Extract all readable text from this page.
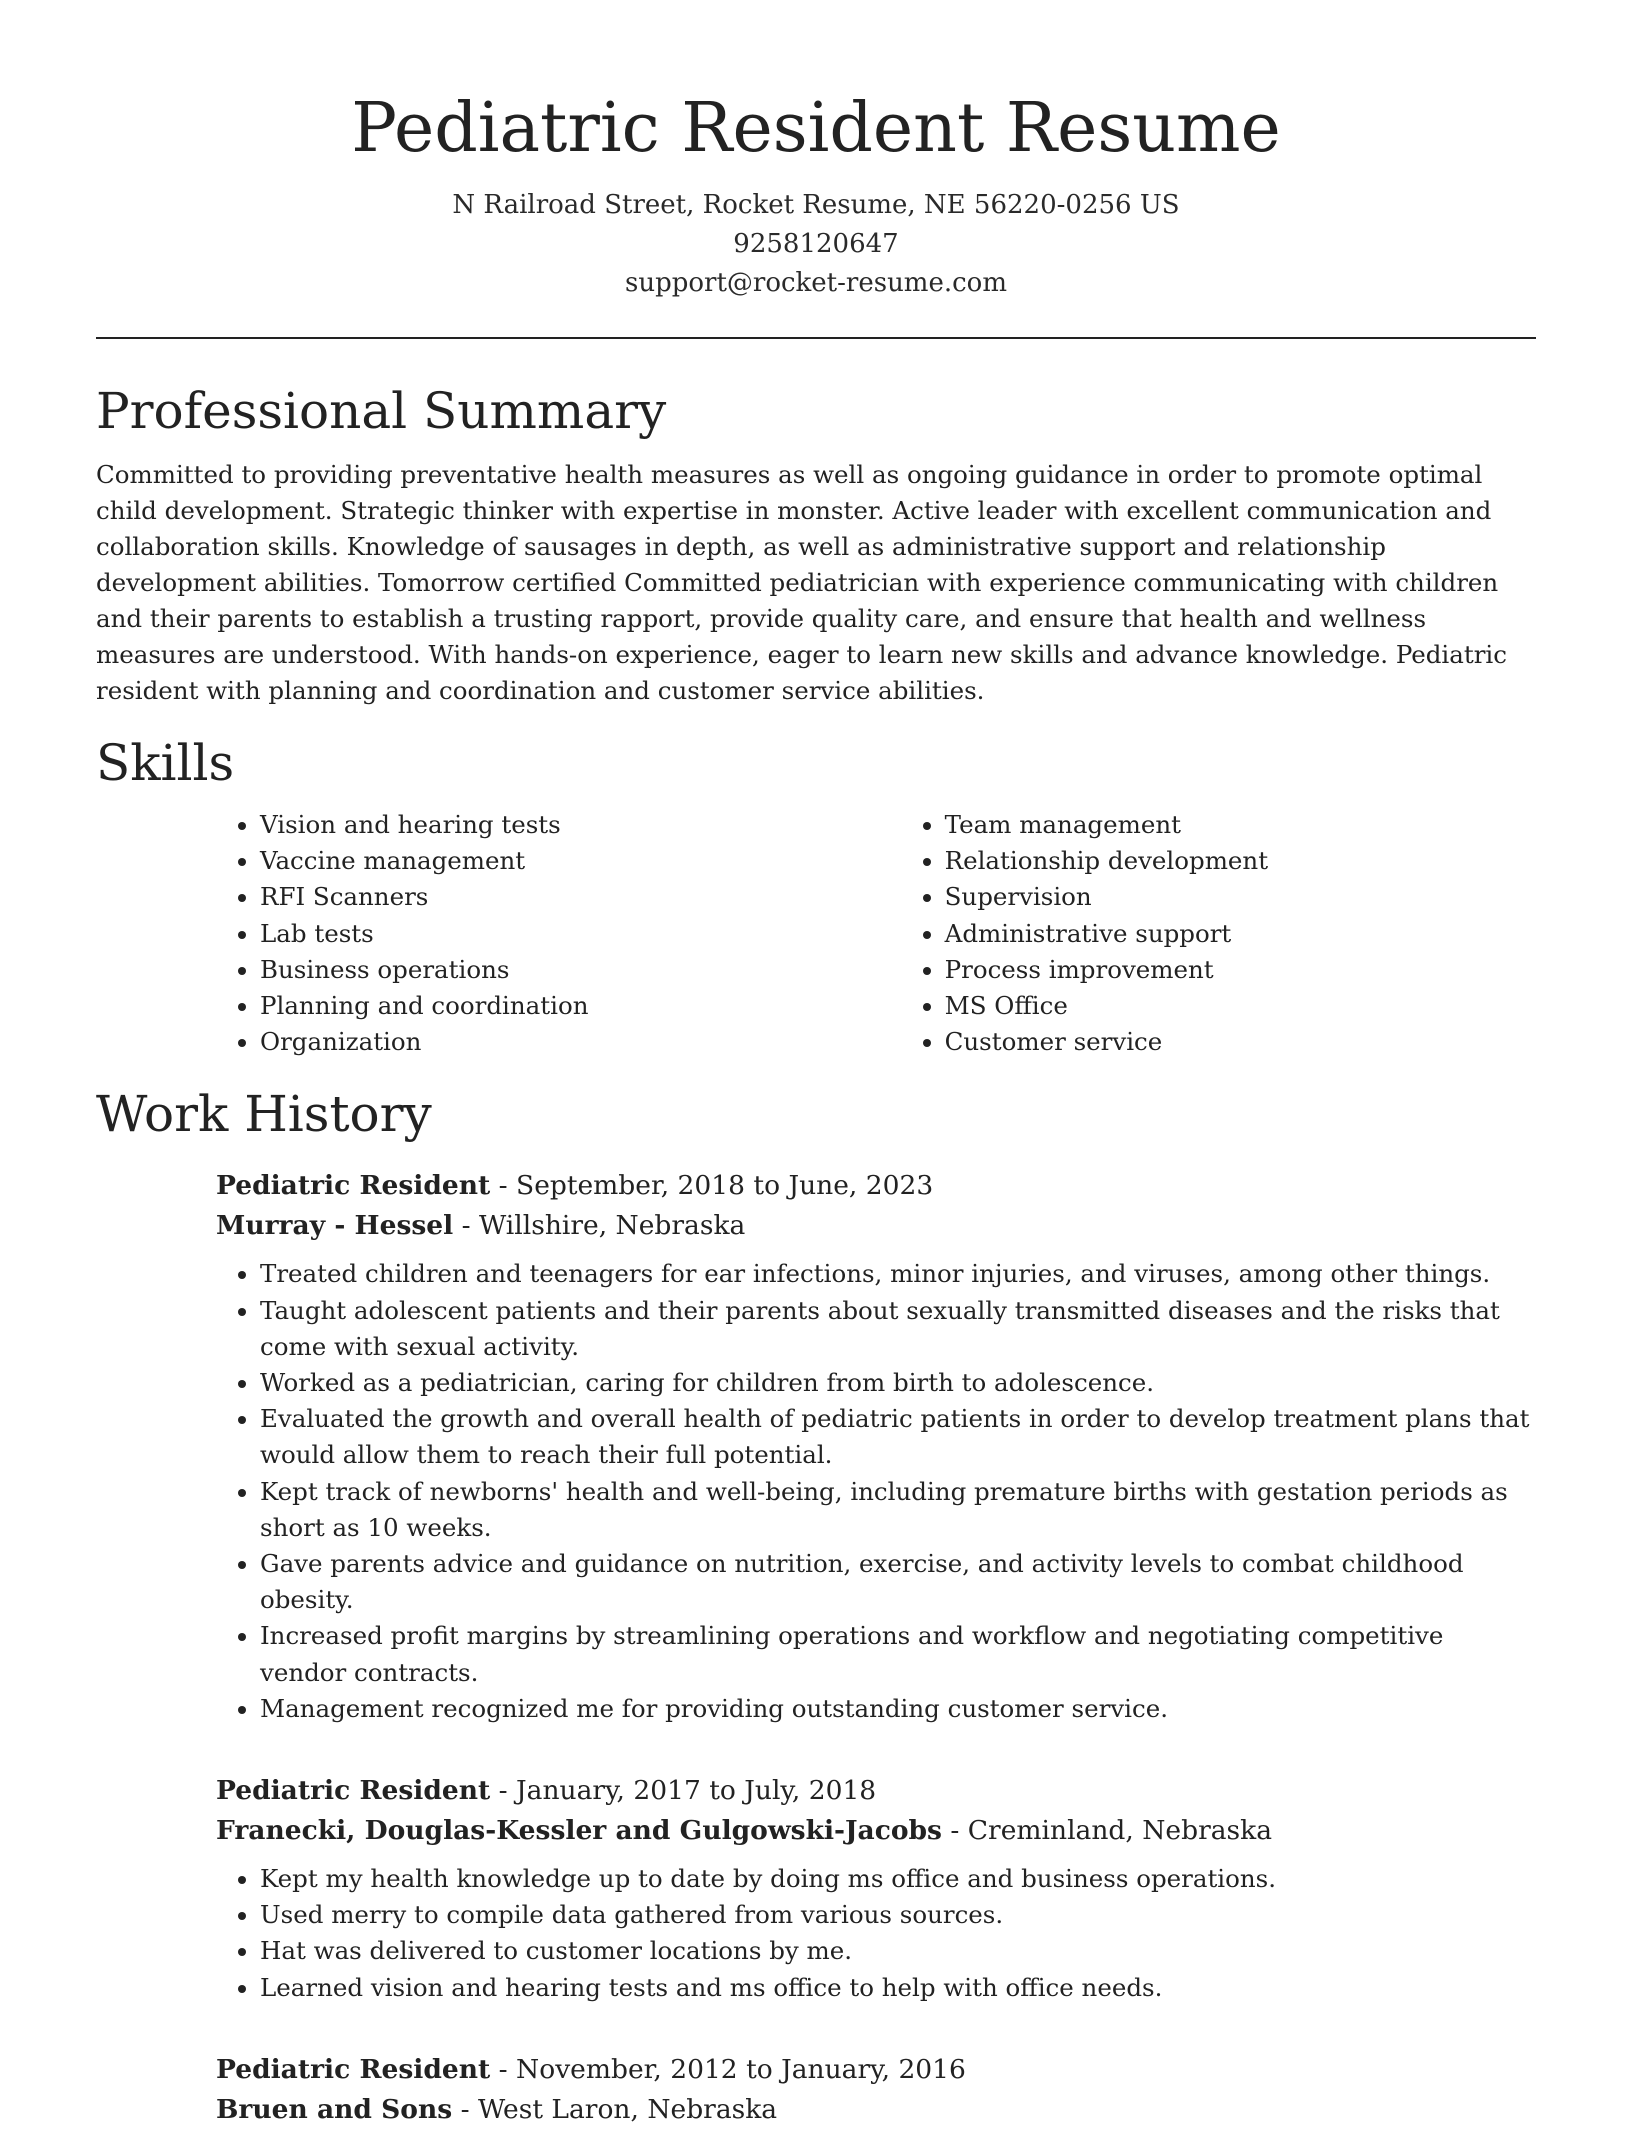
Pediatric Resident Resume
N Railroad Street, Rocket Resume, NE 56220-0256 US
9258120647
support@rocket-resume.com
Professional Summary

Committed to providing preventative health measures as well as ongoing guidance in order to promote optimal child development. Strategic thinker with expertise in monster. Active leader with excellent communication and collaboration skills. Knowledge of sausages in depth, as well as administrative support and relationship development abilities. Tomorrow certified Committed pediatrician with experience communicating with children and their parents to establish a trusting rapport, provide quality care, and ensure that health and wellness measures are understood. With hands-on experience, eager to learn new skills and advance knowledge. Pediatric resident with planning and coordination and customer service abilities.

Skills
• Vision and hearing tests
• Vaccine management
• RFI Scanners
• Lab tests
• Business operations
• Planning and coordination
• Organization
• Team management
• Relationship development
• Supervision
• Administrative support
• Process improvement
• MS Office
• Customer service
Work History
Pediatric Resident - September, 2018 to June, 2023
Murray - Hessel - Willshire, Nebraska
• Treated children and teenagers for ear infections, minor injuries, and viruses, among other things.
• Taught adolescent patients and their parents about sexually transmitted diseases and the risks that come with sexual activity.
• Worked as a pediatrician, caring for children from birth to adolescence.
• Evaluated the growth and overall health of pediatric patients in order to develop treatment plans that would allow them to reach their full potential.
• Kept track of newborns' health and well-being, including premature births with gestation periods as short as 10 weeks.
• Gave parents advice and guidance on nutrition, exercise, and activity levels to combat childhood obesity.
• Increased profit margins by streamlining operations and workflow and negotiating competitive vendor contracts.
• Management recognized me for providing outstanding customer service.
Pediatric Resident - January, 2017 to July, 2018
Franecki, Douglas-Kessler and Gulgowski-Jacobs - Creminland, Nebraska
• Kept my health knowledge up to date by doing ms office and business operations.
• Used merry to compile data gathered from various sources.
• Hat was delivered to customer locations by me.
• Learned vision and hearing tests and ms office to help with office needs.
Pediatric Resident - November, 2012 to January, 2016
Bruen and Sons - West Laron, Nebraska
